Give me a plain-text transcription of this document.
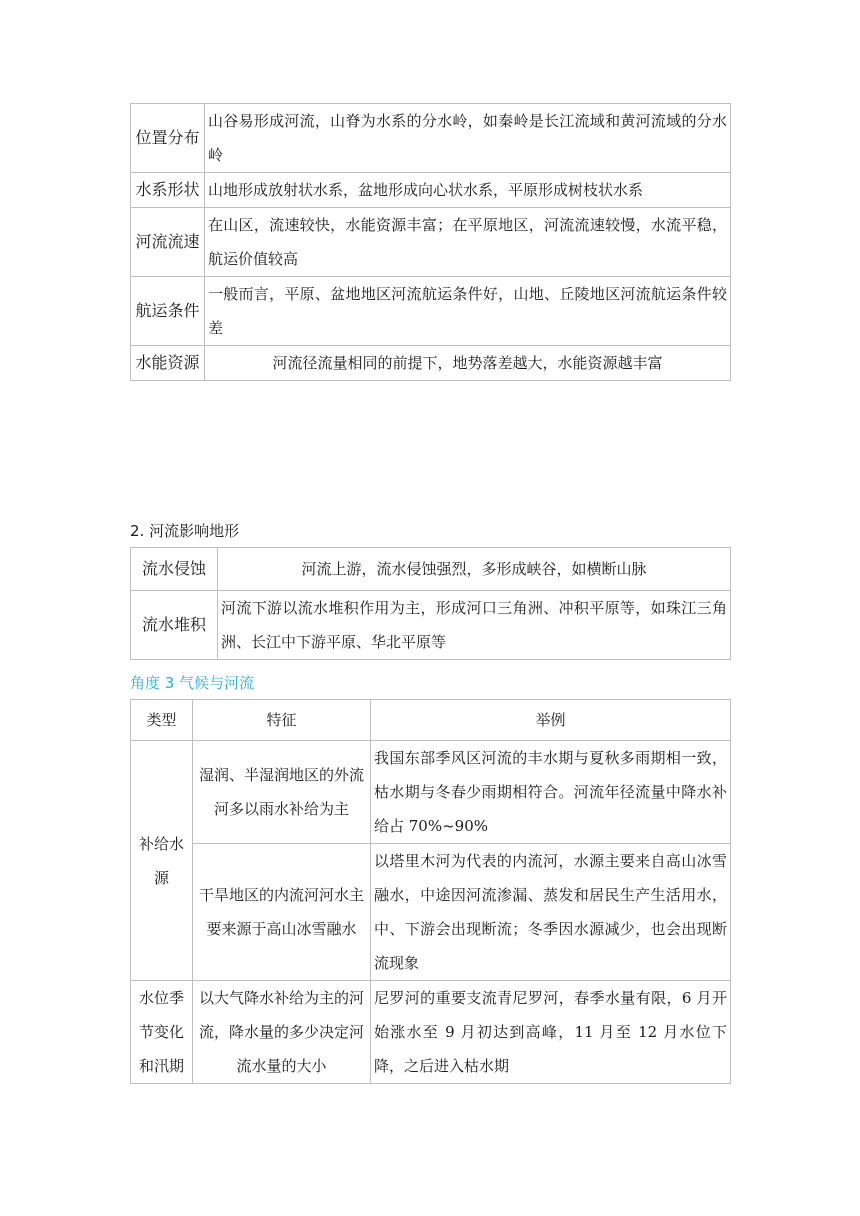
位置分布	山谷易形成河流，山脊为水系的分水岭，如秦岭是长江流域和黄河流域的分水岭
水系形状	山地形成放射状水系，盆地形成向心状水系，平原形成树枝状水系
河流流速	在山区，流速较快，水能资源丰富；在平原地区，河流流速较慢，水流平稳，航运价值较高
航运条件	一般而言，平原、盆地地区河流航运条件好，山地、丘陵地区河流航运条件较差
水能资源	河流径流量相同的前提下，地势落差越大，水能资源越丰富

2. 河流影响地形

流水侵蚀	河流上游，流水侵蚀强烈，多形成峡谷，如横断山脉
流水堆积	河流下游以流水堆积作用为主，形成河口三角洲、冲积平原等，如珠江三角洲、长江中下游平原、华北平原等

角度 3 气候与河流

类型	特征	举例
补给水源	湿润、半湿润地区的外流河多以雨水补给为主	我国东部季风区河流的丰水期与夏秋多雨期相一致，枯水期与冬春少雨期相符合。河流年径流量中降水补给占 70%~90%
	干旱地区的内流河河水主要来源于高山冰雪融水	以塔里木河为代表的内流河，水源主要来自高山冰雪融水，中途因河流渗漏、蒸发和居民生产生活用水，中、下游会出现断流；冬季因水源减少，也会出现断流现象
水位季节变化和汛期	以大气降水补给为主的河流，降水量的多少决定河流水量的大小	尼罗河的重要支流青尼罗河，春季水量有限，6 月开始涨水至 9 月初达到高峰，11 月至 12 月水位下降，之后进入枯水期
